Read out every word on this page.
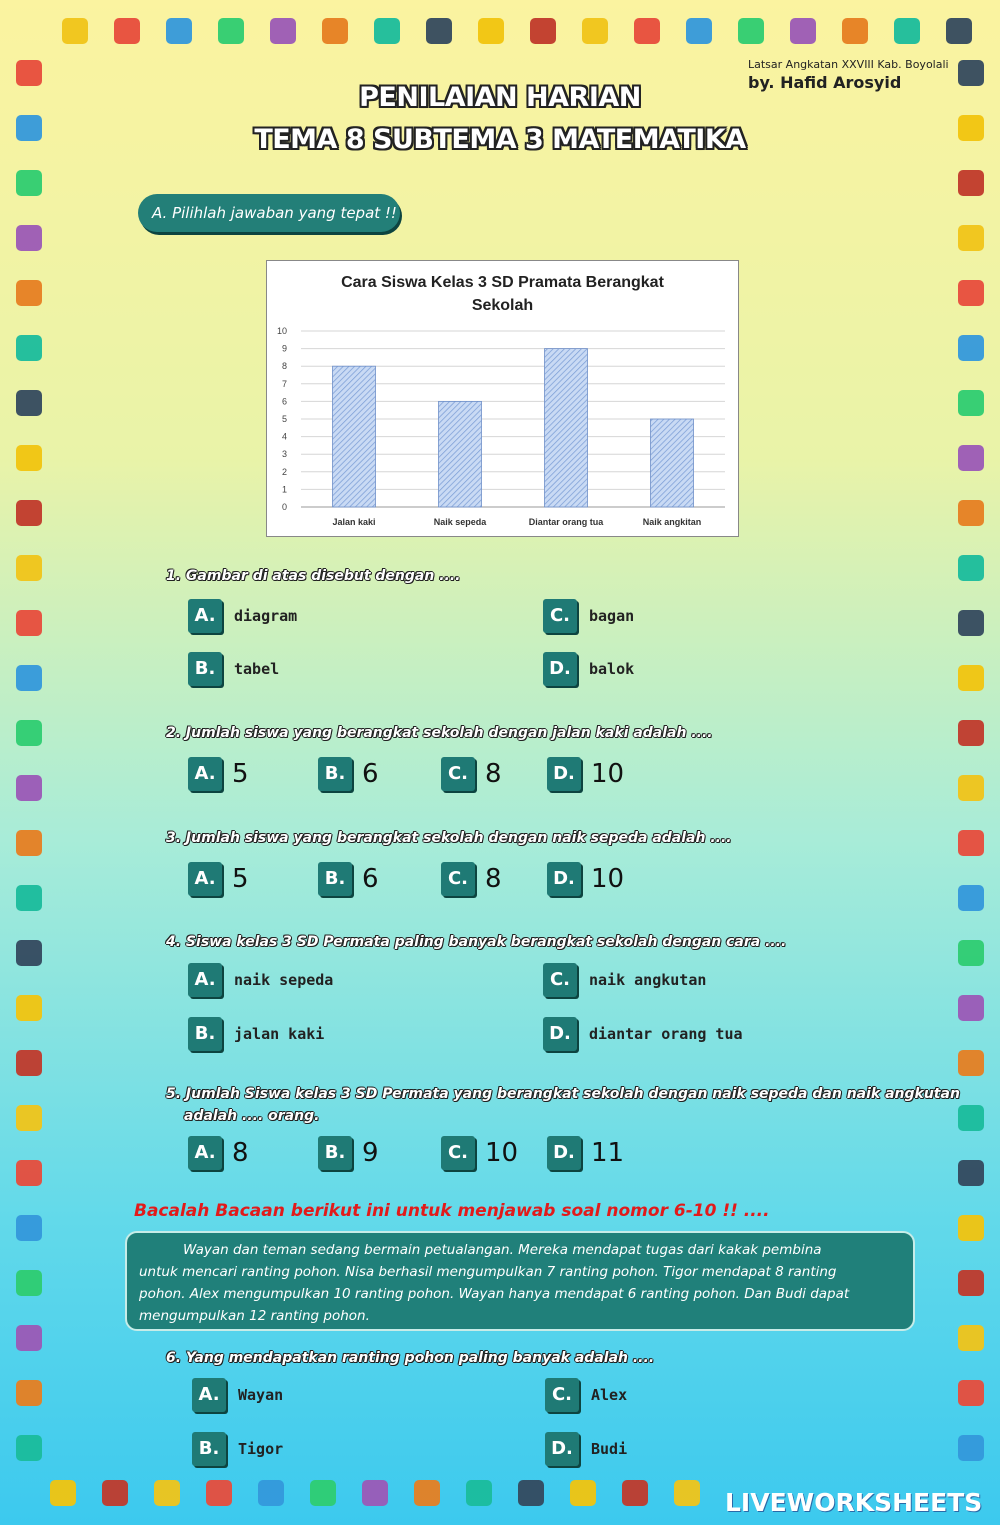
Latsar Angkatan XXVIII Kab. Boyolali
by. Hafid Arosyid
PENILAIAN HARIAN
TEMA 8 SUBTEMA 3 MATEMATIKA
A. Pilihlah jawaban yang tepat !!
Cara Siswa Kelas 3 SD Pramata Berangkat
Sekolah
0
1
2
3
4
5
6
7
8
9
10
Jalan kaki	Naik sepeda	Diantar orang tua	Naik angkitan
1. Gambar di atas disebut dengan ....
A.	diagram
B.	tabel
C.	bagan
D.	balok
2. Jumlah siswa yang berangkat sekolah dengan jalan kaki adalah ....
A. 5	B. 6	C. 8	D. 10
3. Jumlah siswa yang berangkat sekolah dengan naik sepeda adalah ....
A. 5	B. 6	C. 8	D. 10
4. Siswa kelas 3 SD Permata paling banyak berangkat sekolah dengan cara ....
A.	naik sepeda
B.	jalan kaki
C.	naik angkutan
D.	diantar orang tua
5. Jumlah Siswa kelas 3 SD Permata yang berangkat sekolah dengan naik sepeda dan naik angkutan
adalah .... orang.
A. 8	B. 9	C. 10	D. 11
Bacalah Bacaan berikut ini untuk menjawab soal nomor 6-10 !! ....
Wayan dan teman sedang bermain petualangan. Mereka mendapat tugas dari kakak pembina
untuk mencari ranting pohon. Nisa berhasil mengumpulkan 7 ranting pohon. Tigor mendapat 8 ranting
pohon. Alex mengumpulkan 10 ranting pohon. Wayan hanya mendapat 6 ranting pohon. Dan Budi dapat
mengumpulkan 12 ranting pohon.
6. Yang mendapatkan ranting pohon paling banyak adalah ....
A.	Wayan
B.	Tigor
C.	Alex
D.	Budi
LIVEWORKSHEETS
